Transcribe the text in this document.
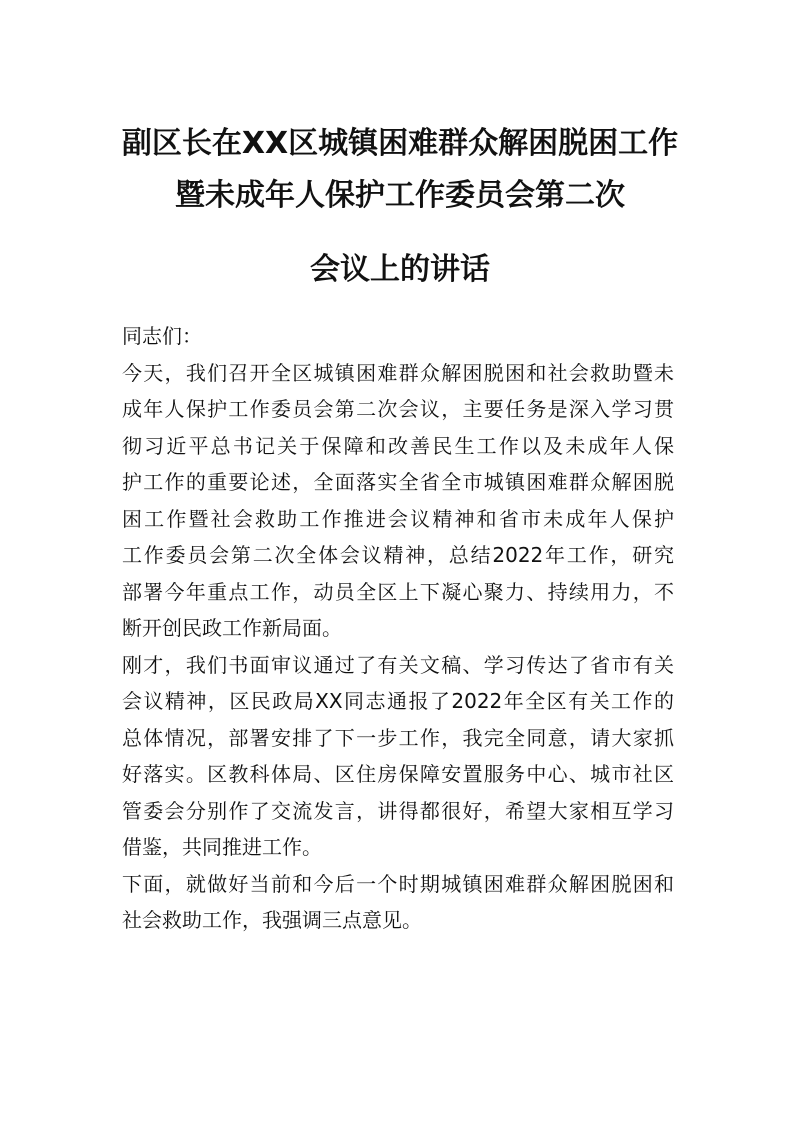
副区长在XX区城镇困难群众解困脱困工作
暨未成年人保护工作委员会第二次
会议上的讲话
同志们：
今天，我们召开全区城镇困难群众解困脱困和社会救助暨未
成年人保护工作委员会第二次会议，主要任务是深入学习贯
彻习近平总书记关于保障和改善民生工作以及未成年人保
护工作的重要论述，全面落实全省全市城镇困难群众解困脱
困工作暨社会救助工作推进会议精神和省市未成年人保护
工作委员会第二次全体会议精神，总结2022年工作，研究
部署今年重点工作，动员全区上下凝心聚力、持续用力，不
断开创民政工作新局面。
刚才，我们书面审议通过了有关文稿、学习传达了省市有关
会议精神，区民政局XX同志通报了2022年全区有关工作的
总体情况，部署安排了下一步工作，我完全同意，请大家抓
好落实。区教科体局、区住房保障安置服务中心、城市社区
管委会分别作了交流发言，讲得都很好，希望大家相互学习
借鉴，共同推进工作。
下面，就做好当前和今后一个时期城镇困难群众解困脱困和
社会救助工作，我强调三点意见。
